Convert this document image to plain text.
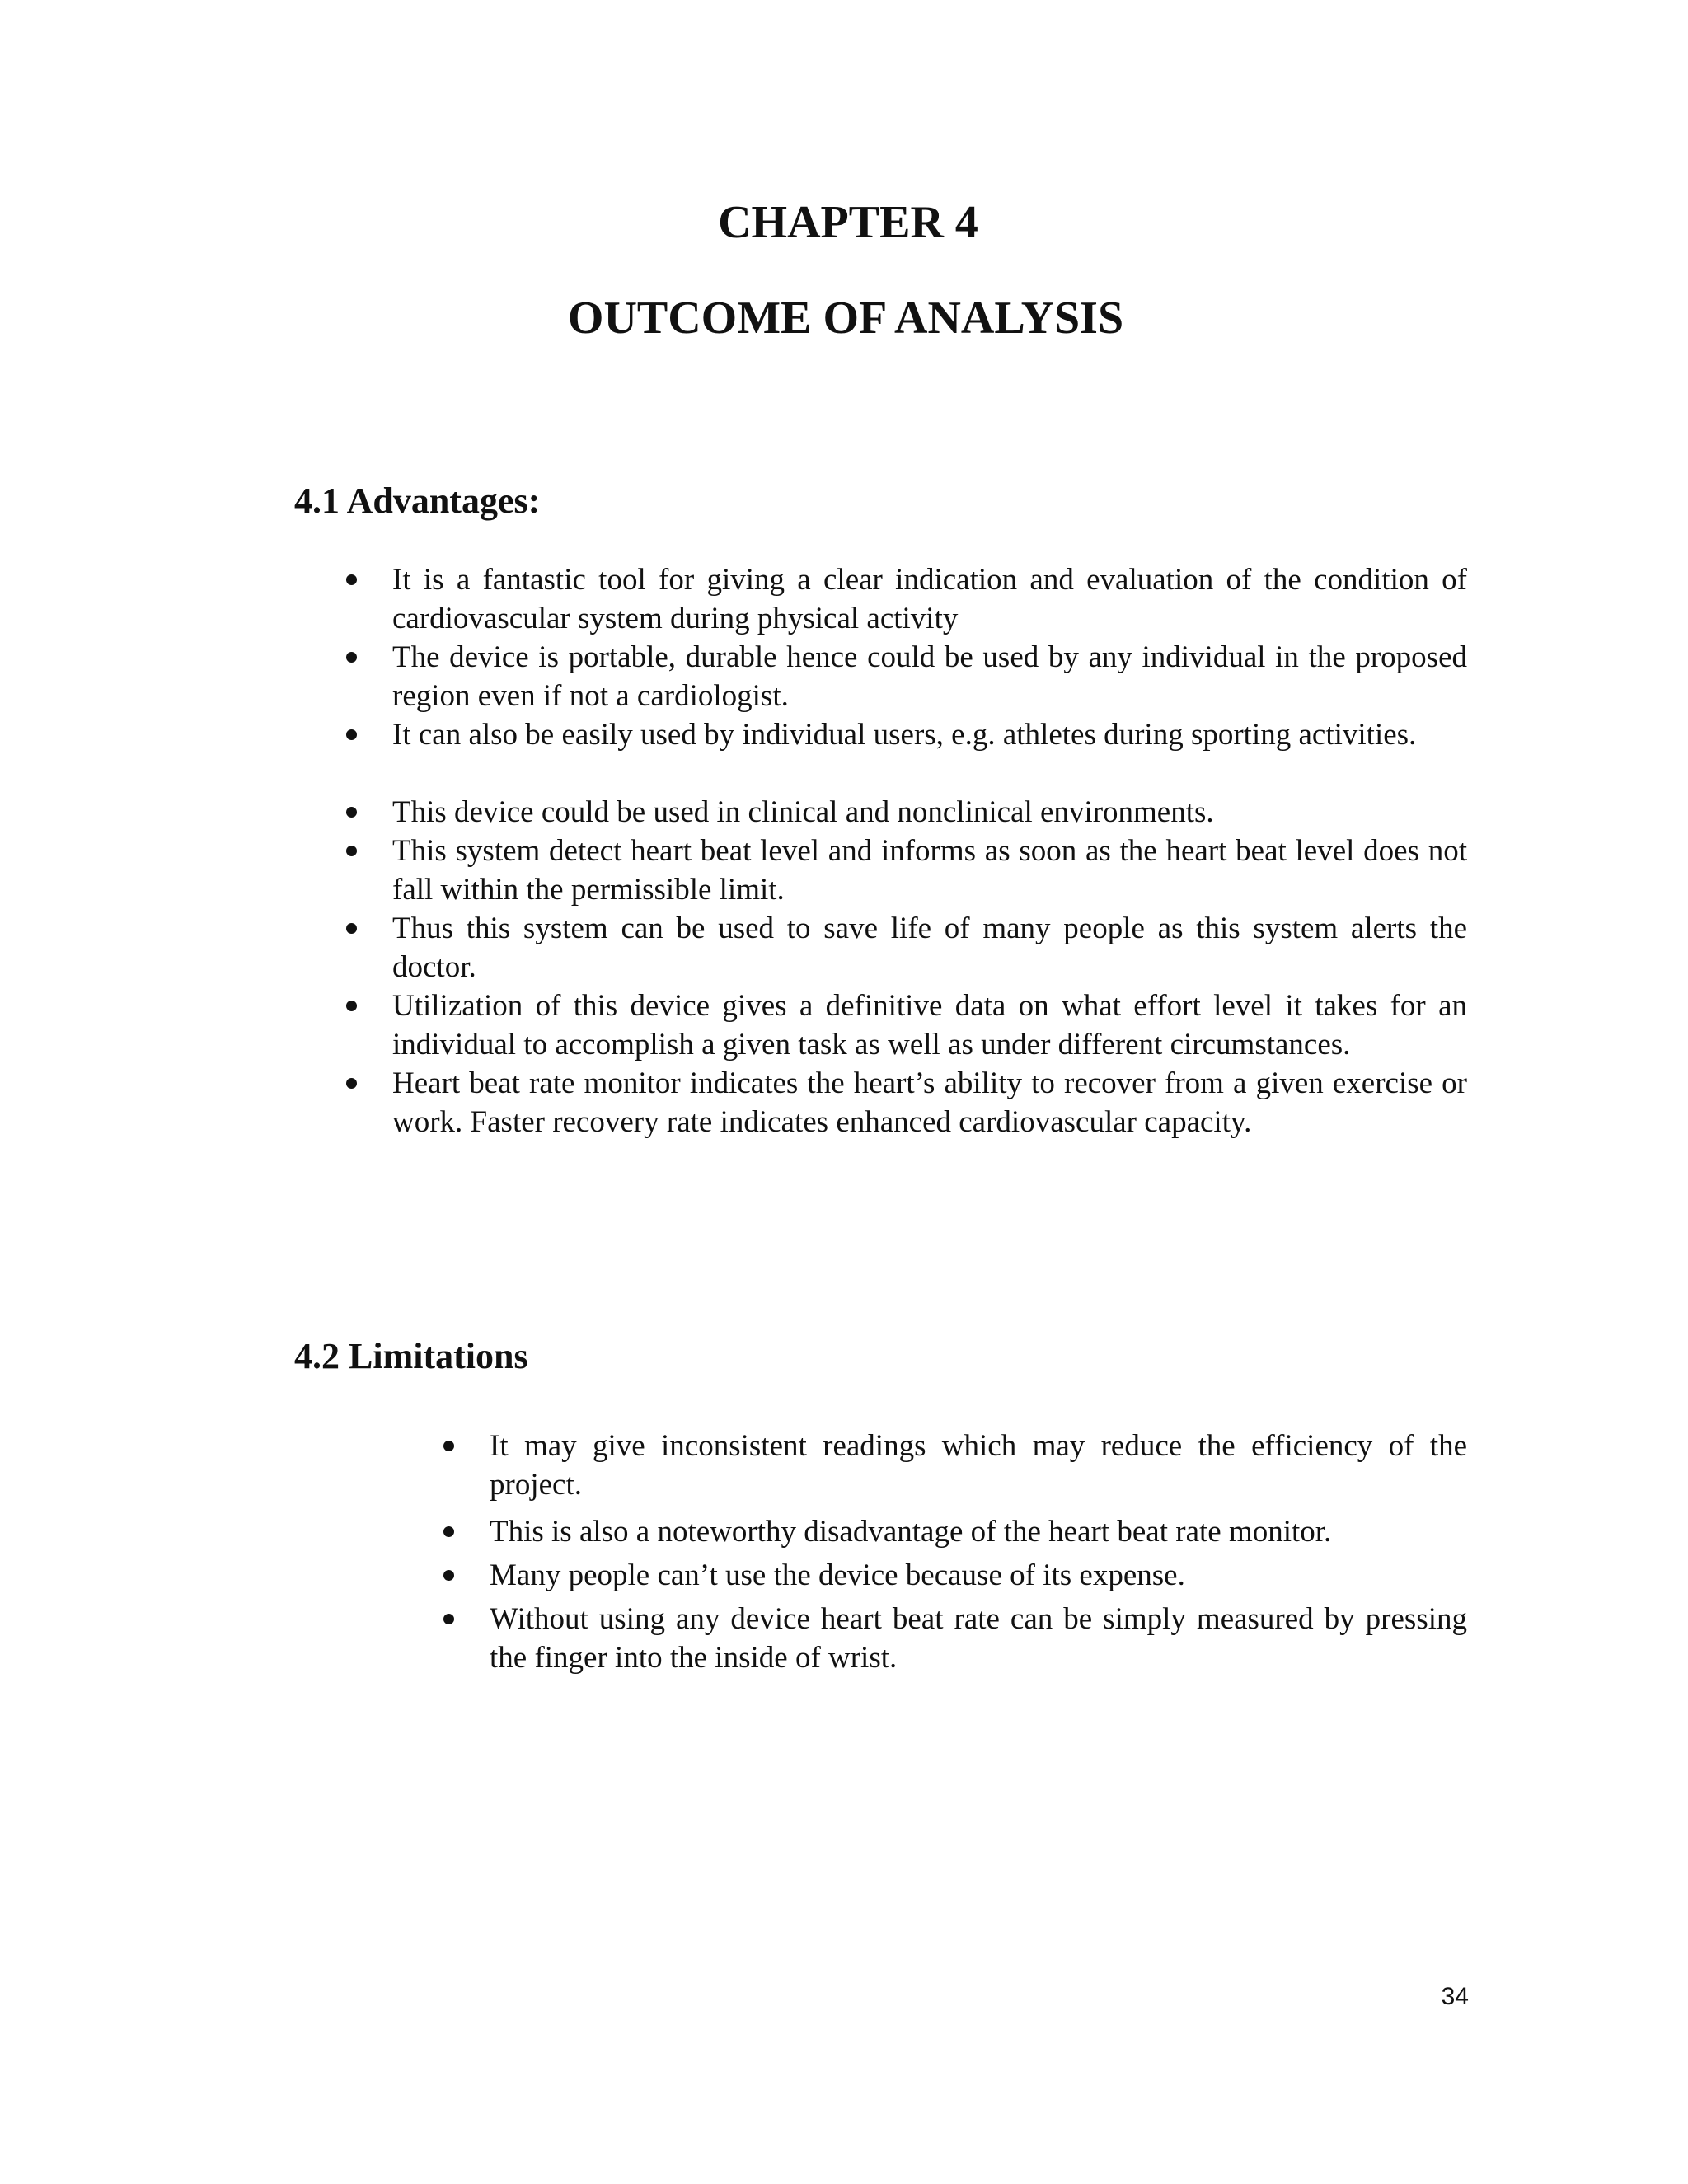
CHAPTER 4
OUTCOME OF ANALYSIS
4.1 Advantages:
It is a fantastic tool for giving a clear indication and evaluation of the condition of cardiovascular system during physical activity
The device is portable, durable hence could be used by any individual in the proposed region even if not a cardiologist.
It can also be easily used by individual users, e.g. athletes during sporting activities.
This device could be used in clinical and nonclinical environments.
This system detect heart beat level and informs as soon as the heart beat level does not fall within the permissible limit.
Thus this system can be used to save life of many people as this system alerts the doctor.
Utilization of this device gives a definitive data on what effort level it takes for an individual to accomplish a given task as well as under different circumstances.
Heart beat rate monitor indicates the heart’s ability to recover from a given exercise or work. Faster recovery rate indicates enhanced cardiovascular capacity.
4.2 Limitations
It may give inconsistent readings which may reduce the efficiency of the project.
This is also a noteworthy disadvantage of the heart beat rate monitor.
Many people can’t use the device because of its expense.
Without using any device heart beat rate can be simply measured by pressing the finger into the inside of wrist.

34
